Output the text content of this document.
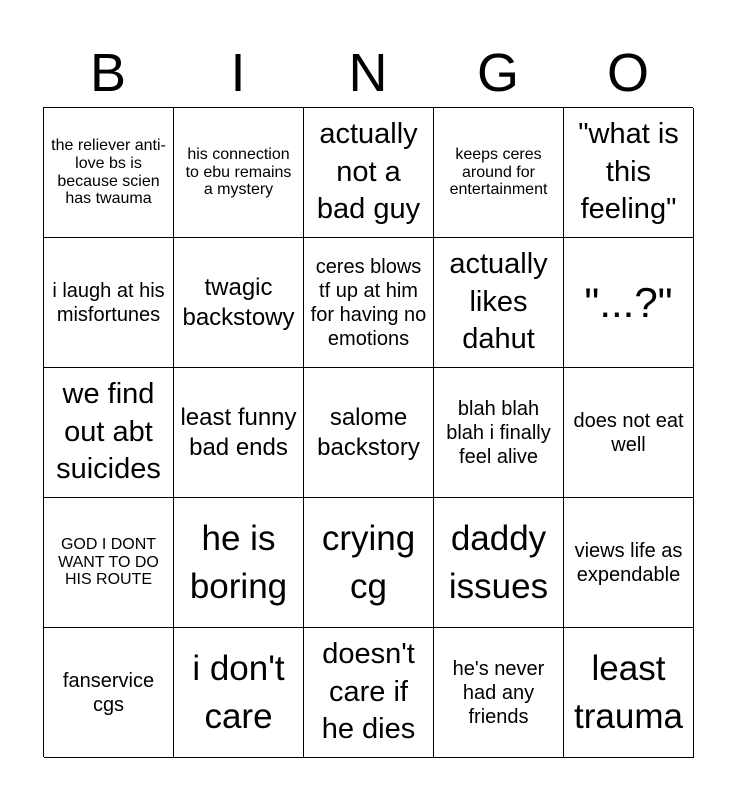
B	I	N	G	O
the reliever anti-love bs is because scien has twauma
his connection to ebu remains a mystery
actually not a bad guy
keeps ceres around for entertainment
"what is this feeling"
i laugh at his misfortunes
twagic backstowy
ceres blows tf up at him for having no emotions
actually likes dahut
"...?"
we find out abt suicides
least funny bad ends
salome backstory
blah blah blah i finally feel alive
does not eat well
GOD I DONT WANT TO DO HIS ROUTE
he is boring
crying cg
daddy issues
views life as expendable
fanservice cgs
i don't care
doesn't care if he dies
he's never had any friends
least trauma
